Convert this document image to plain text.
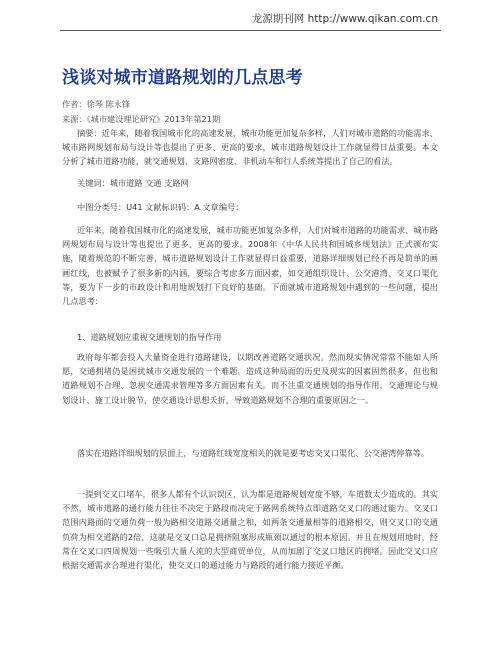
龙源期刊网 http://www.qikan.com.cn
浅谈对城市道路规划的几点思考
作者：徐琴 陈永锋
来源：《城市建设理论研究》2013年第21期

摘要：近年来，随着我国城市化的高速发展，城市功能更加复杂多样，人们对城市道路的功能需求、城市路网规划布局与设计等也提出了更多、更高的要求，城市道路规划设计工作就显得日益重要。本文分析了城市道路功能，就交通规划、支路网密度、非机动车和行人系统等提出了自己的看法。

关键词：城市道路 交通 支路网

中图分类号：U41 文献标识码：A 文章编号：

近年来，随着我国城市化的高速发展，城市功能更加复杂多样，人们对城市道路的功能需求、城市路网规划布局与设计等也提出了更多、更高的要求。2008年《中华人民共和国城乡规划法》正式颁布实施，随着规范的不断完善，城市道路规划设计工作就显得日益重要，道路详细规划已经不再是简单的画画红线，也被赋予了很多新的内涵，要综合考虑多方面因素，如交通组织设计、公交港湾、交叉口渠化等，要为下一步的市政设计和用地规划打下良好的基础。下面就城市道路规划中遇到的一些问题，提出几点思考：

1、道路规划应重视交通规划的指导作用

政府每年都会投入大量资金进行道路建设，以期改善道路交通状况。然而现实情况常常不能如人所愿，交通拥堵仍是困扰城市交通发展的一个难题。造成这种局面的历史及现实的因素固然很多，但也和道路规划不合理、忽视交通需求管理等多方面因素有关。而不注重交通规划的指导作用，交通理论与规划设计、施工设计脱节，使交通设计思想夭折，导致道路规划不合理的重要原因之一。

落实在道路详细规划的层面上，与道路红线宽度相关的就是要考虑交叉口渠化、公交港湾停靠等。

一提到交叉口堵车，很多人都有个认识误区，认为都是道路规划宽度不够，车道数太少造成的。其实不然，城市道路的通行能力往往不决定于路段而决定于路网系统特点即道路交叉口的通过能力。交叉口范围内路面的交通负荷一般为路相交道路交通量之和，如两条交通量相等的道路相交，则交叉口的交通负荷为相交道路的2倍，这就是交叉口总是拥挤阻塞形成瓶颈以通过的根本原因。并且在规划用地时，经常在交叉口四周规划一些吸引大量人流的大型商贸单位，从而加剧了交叉口地区的拥堵。因此交叉口应根据交通需求合理进行渠化，使交叉口的通过能力与路段的通行能力接近平衡。
